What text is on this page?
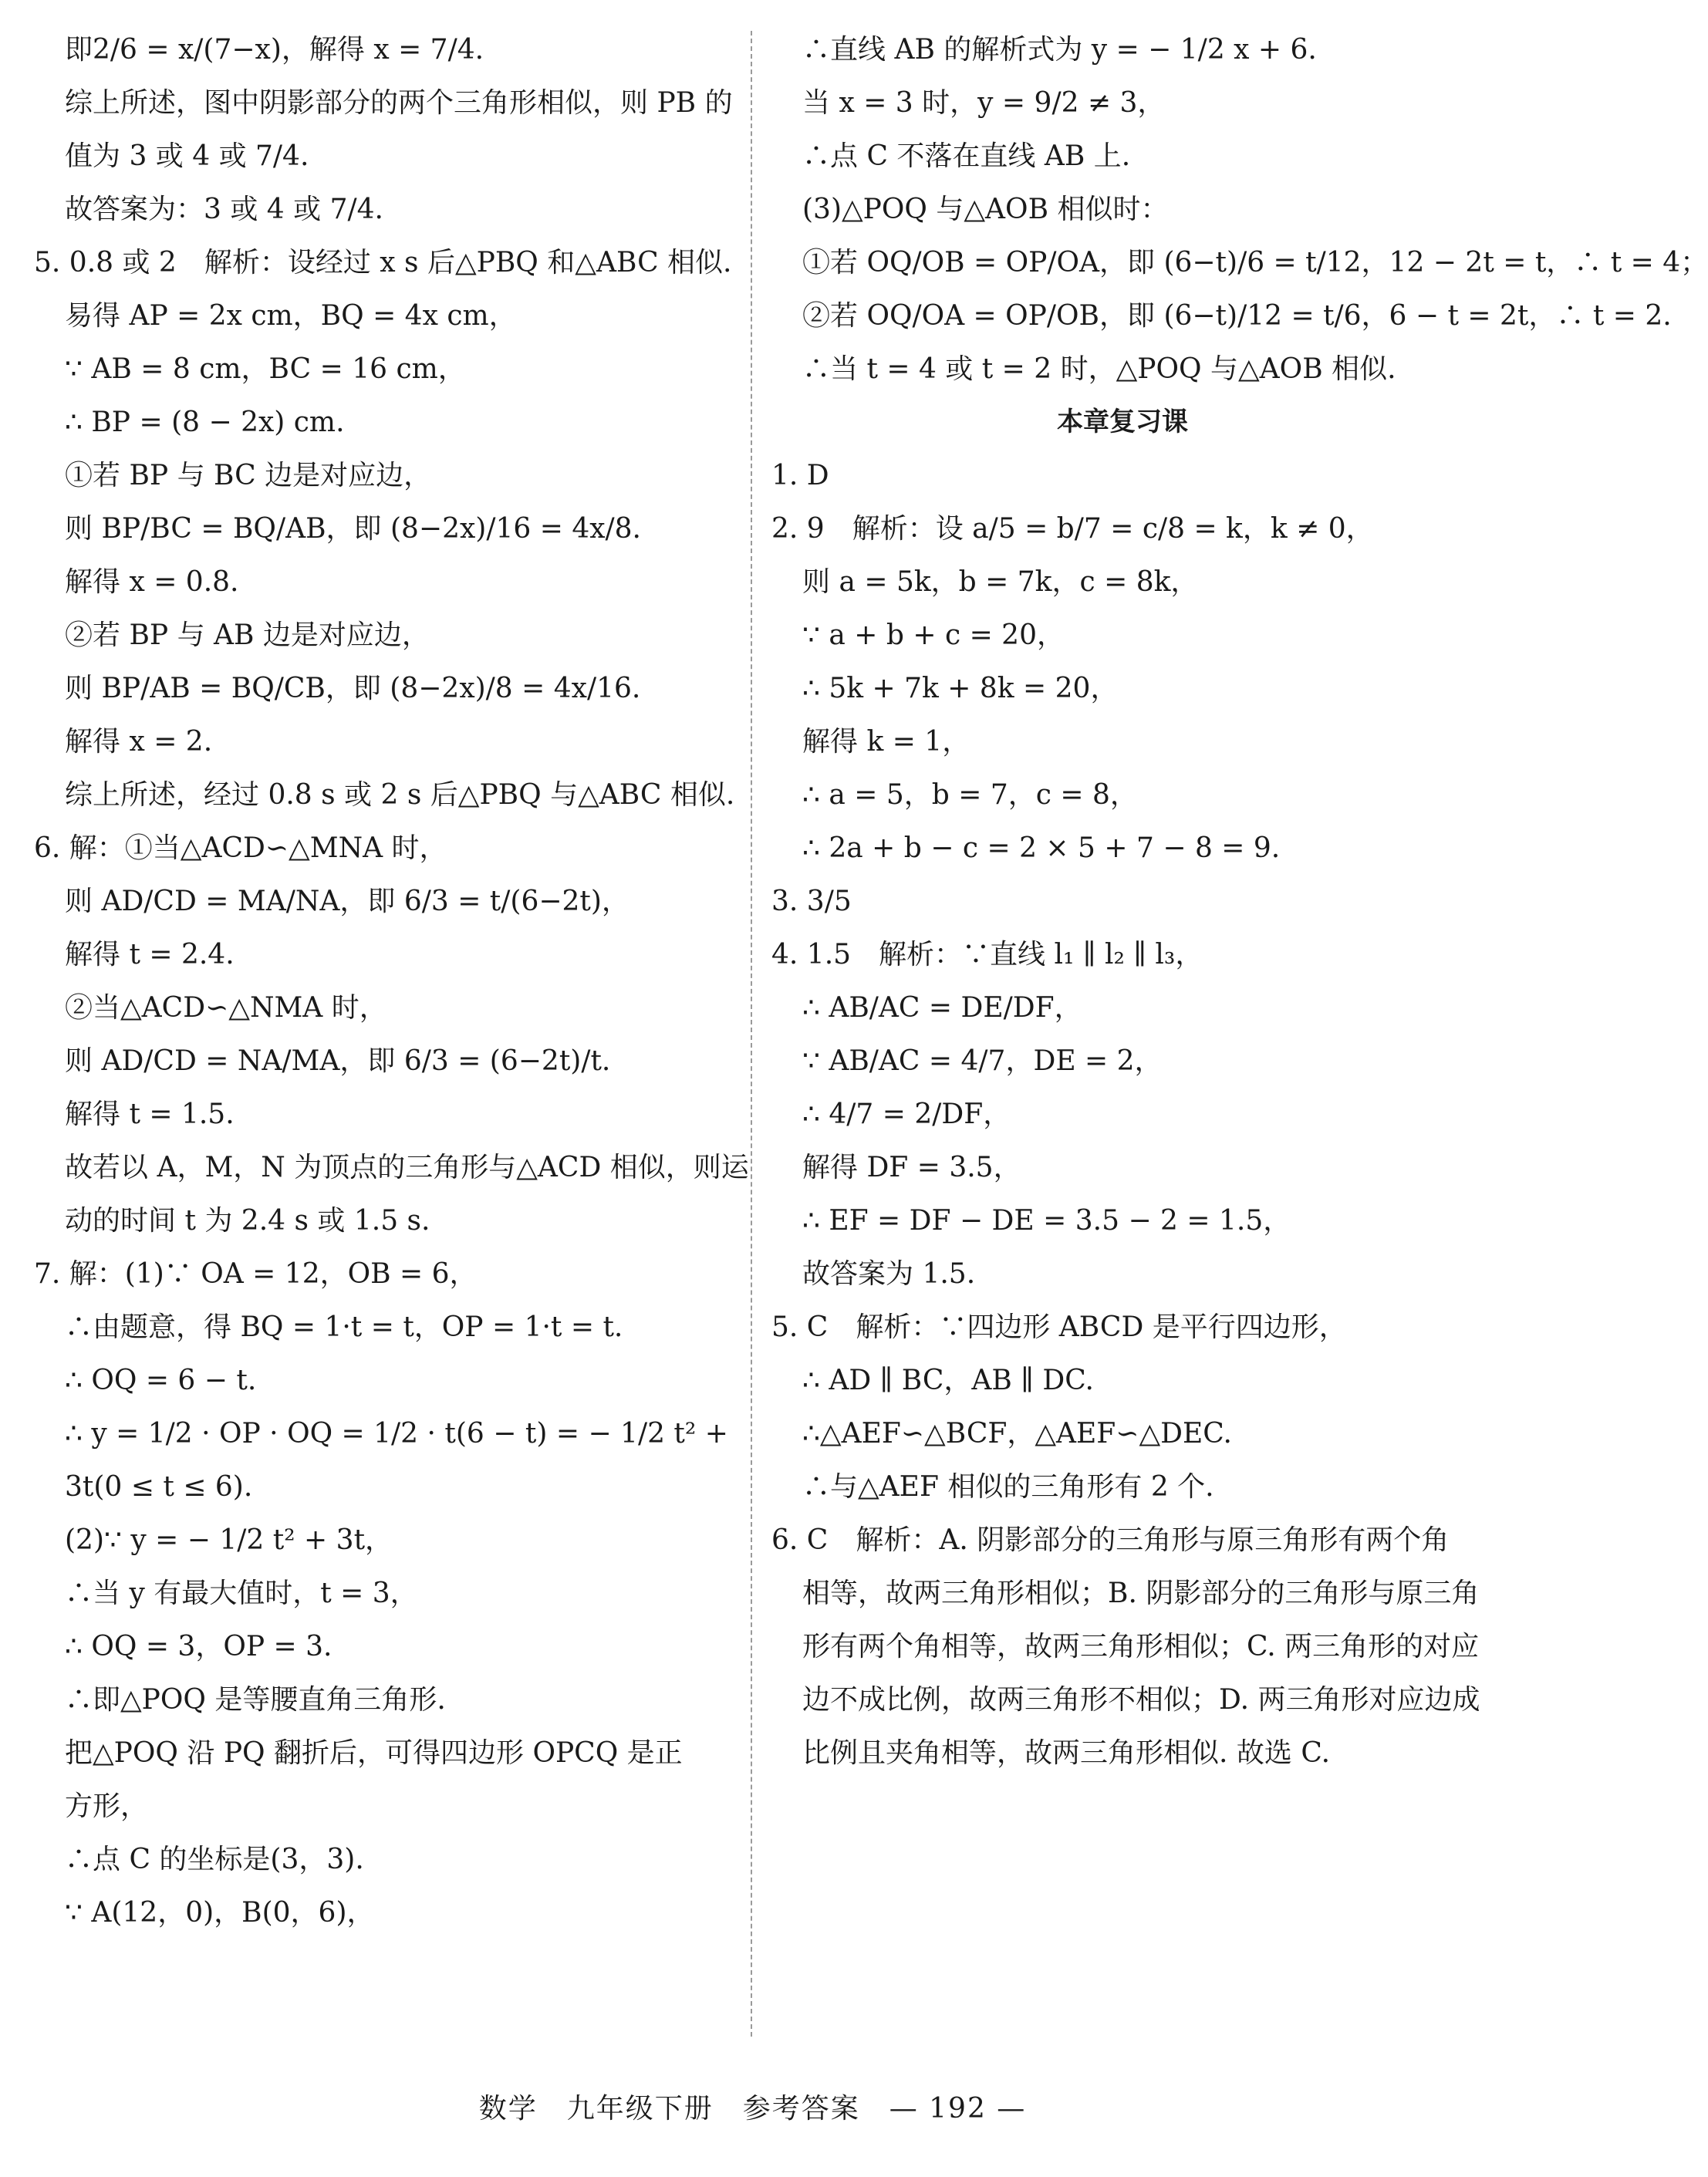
即2/6 = x/(7−x)，解得 x = 7/4.
综上所述，图中阴影部分的两个三角形相似，则 PB 的
值为 3 或 4 或 7/4.
故答案为：3 或 4 或 7/4.
5. 0.8 或 2　解析：设经过 x s 后△PBQ 和△ABC 相似.
易得 AP = 2x cm，BQ = 4x cm，
∵ AB = 8 cm，BC = 16 cm，
∴ BP = (8 − 2x) cm.
①若 BP 与 BC 边是对应边，
则 BP/BC = BQ/AB，即 (8−2x)/16 = 4x/8.
解得 x = 0.8.
②若 BP 与 AB 边是对应边，
则 BP/AB = BQ/CB，即 (8−2x)/8 = 4x/16.
解得 x = 2.
综上所述，经过 0.8 s 或 2 s 后△PBQ 与△ABC 相似.
6. 解：①当△ACD∽△MNA 时，
则 AD/CD = MA/NA，即 6/3 = t/(6−2t)，
解得 t = 2.4.
②当△ACD∽△NMA 时，
则 AD/CD = NA/MA，即 6/3 = (6−2t)/t.
解得 t = 1.5.
故若以 A，M，N 为顶点的三角形与△ACD 相似，则运
动的时间 t 为 2.4 s 或 1.5 s.
7. 解：(1)∵ OA = 12，OB = 6，
∴由题意，得 BQ = 1·t = t，OP = 1·t = t.
∴ OQ = 6 − t.
∴ y = 1/2 · OP · OQ = 1/2 · t(6 − t) = − 1/2 t² +
3t(0 ≤ t ≤ 6).
(2)∵ y = − 1/2 t² + 3t，
∴当 y 有最大值时，t = 3，
∴ OQ = 3，OP = 3.
∴即△POQ 是等腰直角三角形.
把△POQ 沿 PQ 翻折后，可得四边形 OPCQ 是正
方形，
∴点 C 的坐标是(3，3).
∵ A(12，0)，B(0，6)，
∴直线 AB 的解析式为 y = − 1/2 x + 6.
当 x = 3 时，y = 9/2 ≠ 3，
∴点 C 不落在直线 AB 上.
(3)△POQ 与△AOB 相似时：
①若 OQ/OB = OP/OA，即 (6−t)/6 = t/12，12 − 2t = t，∴ t = 4；
②若 OQ/OA = OP/OB，即 (6−t)/12 = t/6，6 − t = 2t，∴ t = 2.
∴当 t = 4 或 t = 2 时，△POQ 与△AOB 相似.
本章复习课
1. D
2. 9　解析：设 a/5 = b/7 = c/8 = k，k ≠ 0，
则 a = 5k，b = 7k，c = 8k，
∵ a + b + c = 20，
∴ 5k + 7k + 8k = 20，
解得 k = 1，
∴ a = 5，b = 7，c = 8，
∴ 2a + b − c = 2 × 5 + 7 − 8 = 9.
3. 3/5
4. 1.5　解析：∵直线 l₁ ∥ l₂ ∥ l₃，
∴ AB/AC = DE/DF，
∵ AB/AC = 4/7，DE = 2，
∴ 4/7 = 2/DF，
解得 DF = 3.5，
∴ EF = DF − DE = 3.5 − 2 = 1.5，
故答案为 1.5.
5. C　解析：∵四边形 ABCD 是平行四边形，
∴ AD ∥ BC，AB ∥ DC.
∴△AEF∽△BCF，△AEF∽△DEC.
∴与△AEF 相似的三角形有 2 个.
6. C　解析：A. 阴影部分的三角形与原三角形有两个角
相等，故两三角形相似；B. 阴影部分的三角形与原三角
形有两个角相等，故两三角形相似；C. 两三角形的对应
边不成比例，故两三角形不相似；D. 两三角形对应边成
比例且夹角相等，故两三角形相似. 故选 C.
数学　九年级下册　参考答案　— 192 —
